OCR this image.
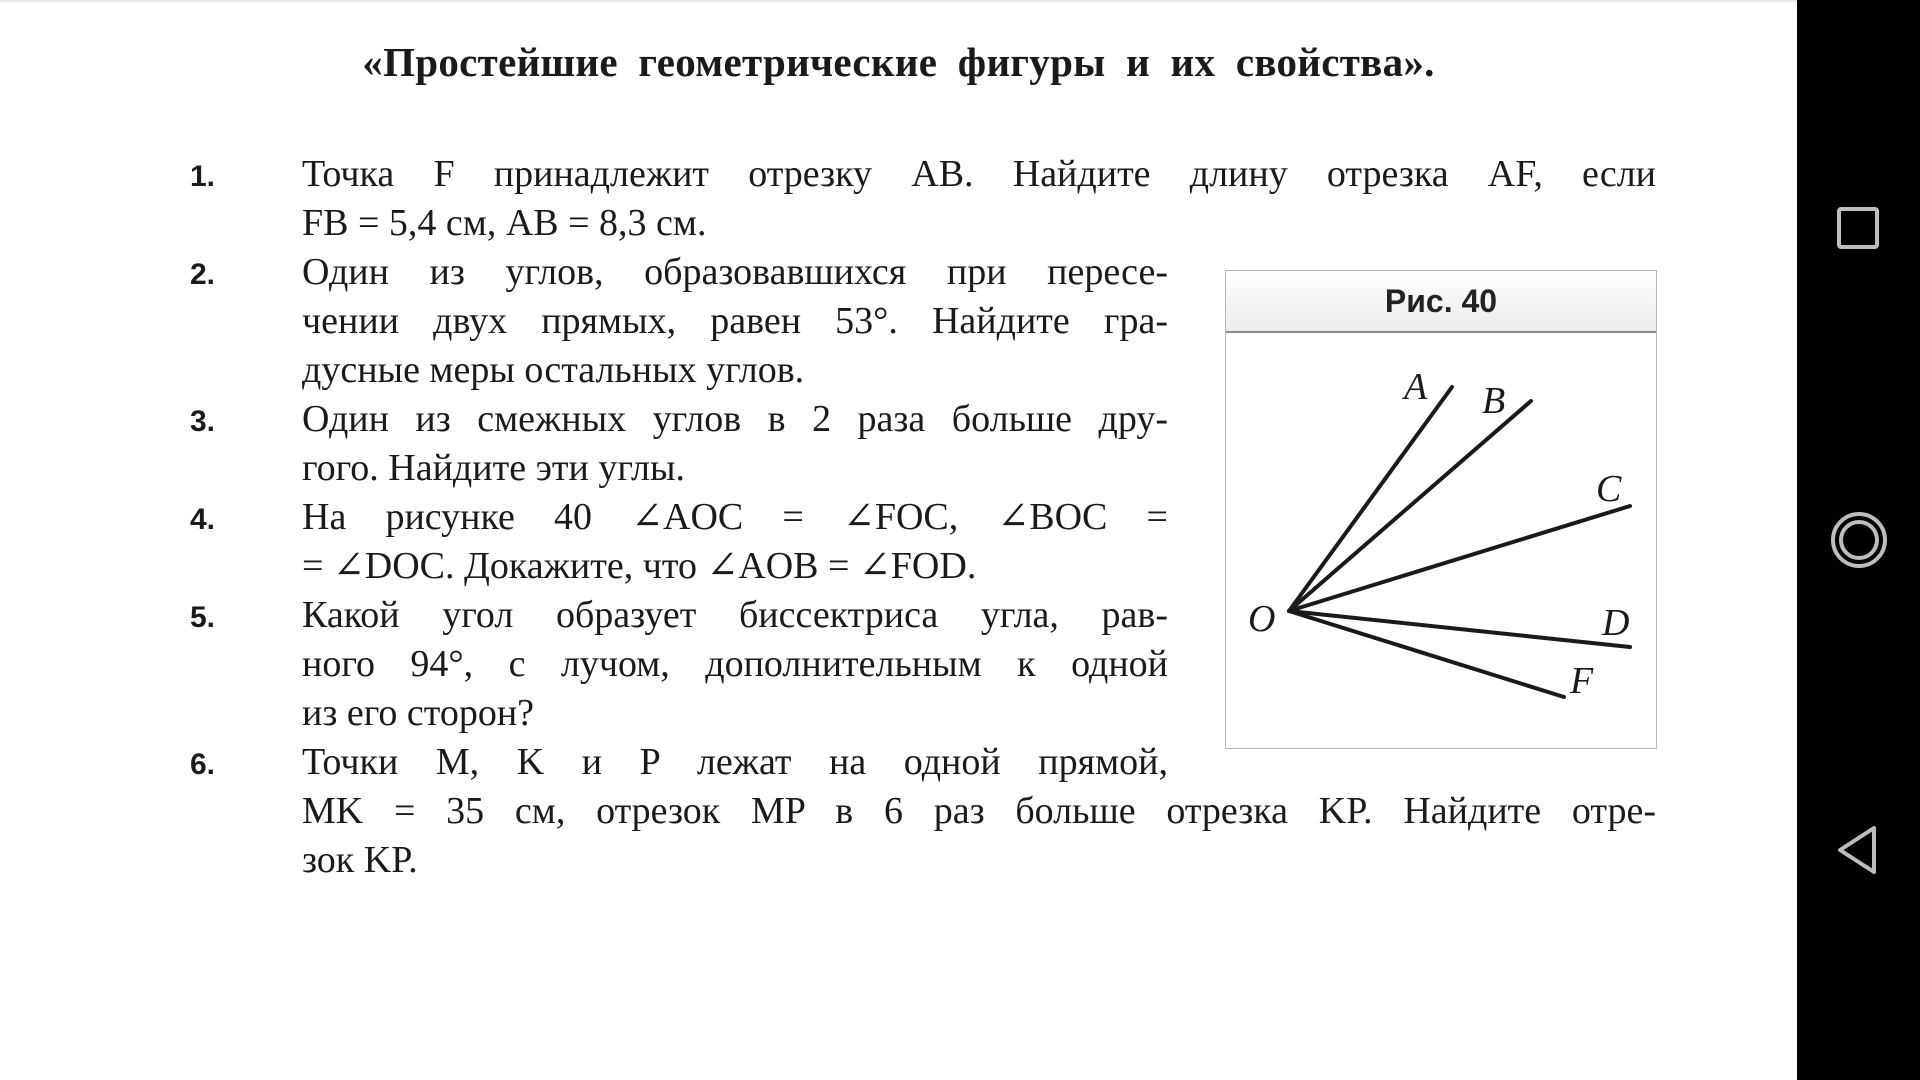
«Простейшие геометрические фигуры и их свойства».
1.	Точка F принадлежит отрезку AB. Найдите длину отрезка AF, если
FB = 5,4 см, AB = 8,3 см.
2.	Один из углов, образовавшихся при пересе-
чении двух прямых, равен 53°. Найдите гра-
дусные меры остальных углов.
3.	Один из смежных углов в 2 раза больше дру-
гого. Найдите эти углы.
4.	На рисунке 40 ∠AOC = ∠FOC, ∠BOC =
= ∠DOC. Докажите, что ∠AOB = ∠FOD.
5.	Какой угол образует биссектриса угла, рав-
ного 94°, с лучом, дополнительным к одной
из его сторон?
6.	Точки M, K и P лежат на одной прямой,
MK = 35 см, отрезок MP в 6 раз больше отрезка KP. Найдите отре-
зок KP.
Рис. 40
O
A B
C
D
F
